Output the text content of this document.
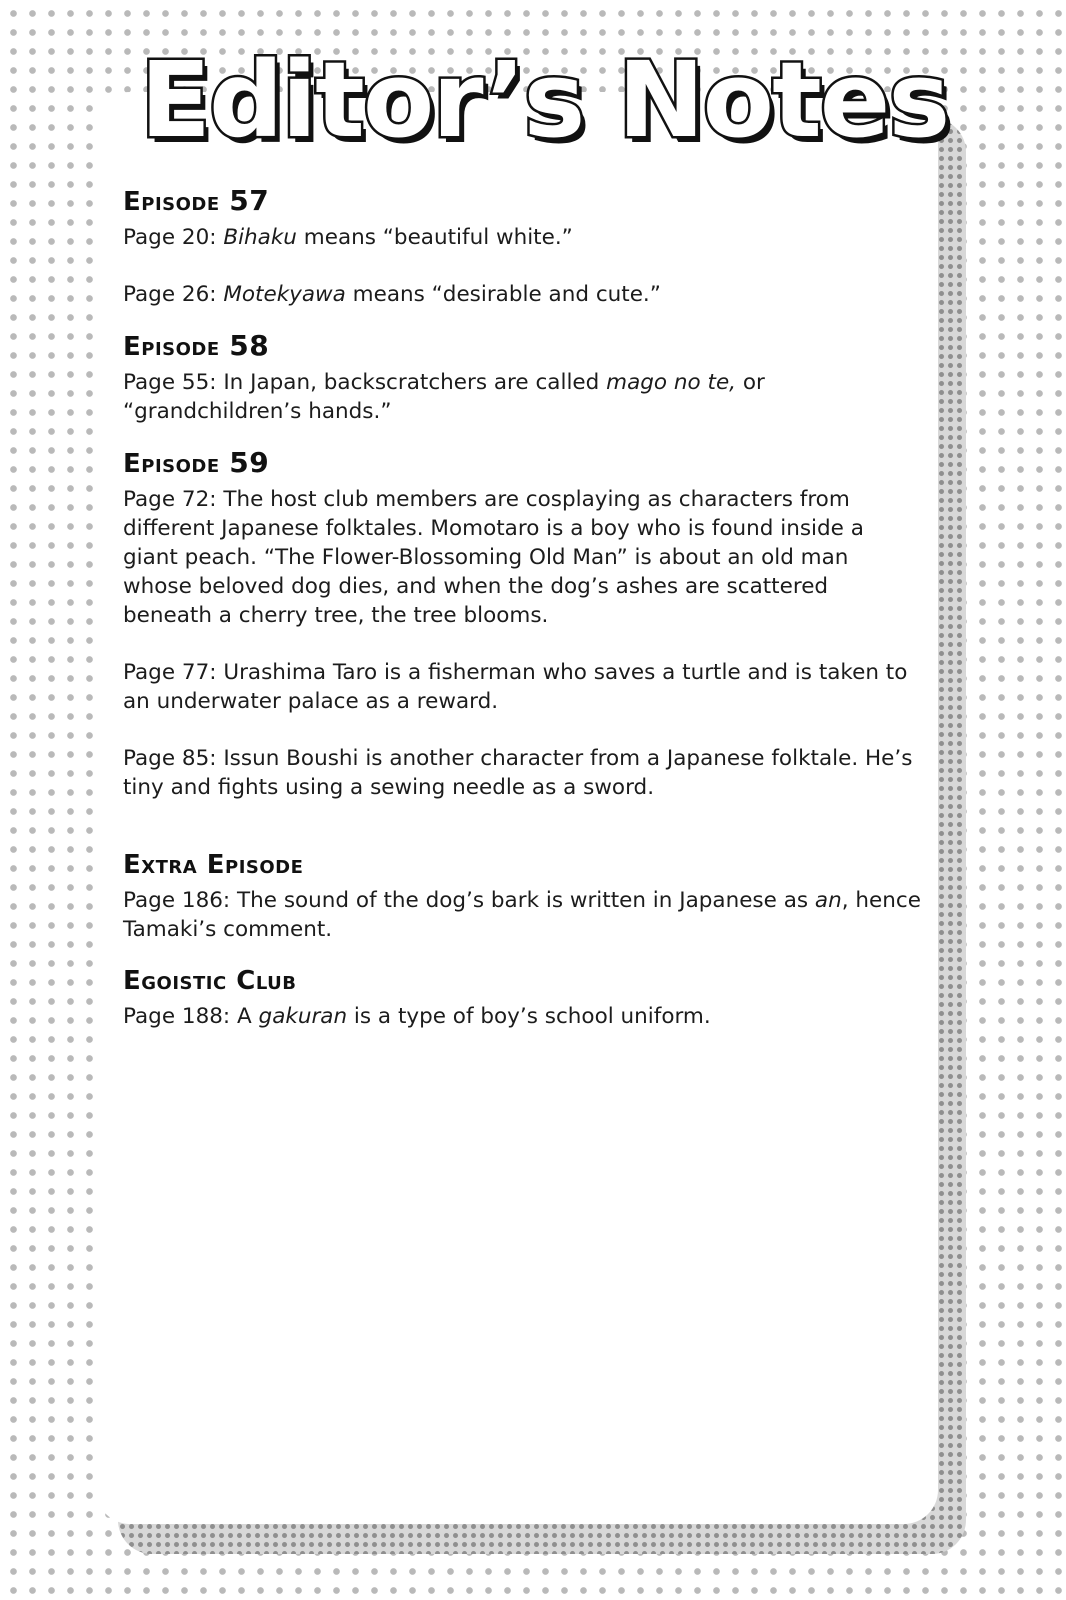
Editor’s Notes
Episode 57

Page 20: Bihaku means “beautiful white.”

Page 26: Motekyawa means “desirable and cute.”

Episode 58

Page 55: In Japan, backscratchers are called mago no te, or “grandchildren’s hands.”

Episode 59

Page 72: The host club members are cosplaying as characters from different Japanese folktales. Momotaro is a boy who is found inside a giant peach. “The Flower-Blossoming Old Man” is about an old man whose beloved dog dies, and when the dog’s ashes are scattered beneath a cherry tree, the tree blooms.

Page 77: Urashima Taro is a fisherman who saves a turtle and is taken to an underwater palace as a reward.

Page 85: Issun Boushi is another character from a Japanese folktale. He’s tiny and fights using a sewing needle as a sword.

Extra Episode

Page 186: The sound of the dog’s bark is written in Japanese as an, hence Tamaki’s comment.

Egoistic Club

Page 188: A gakuran is a type of boy’s school uniform.
